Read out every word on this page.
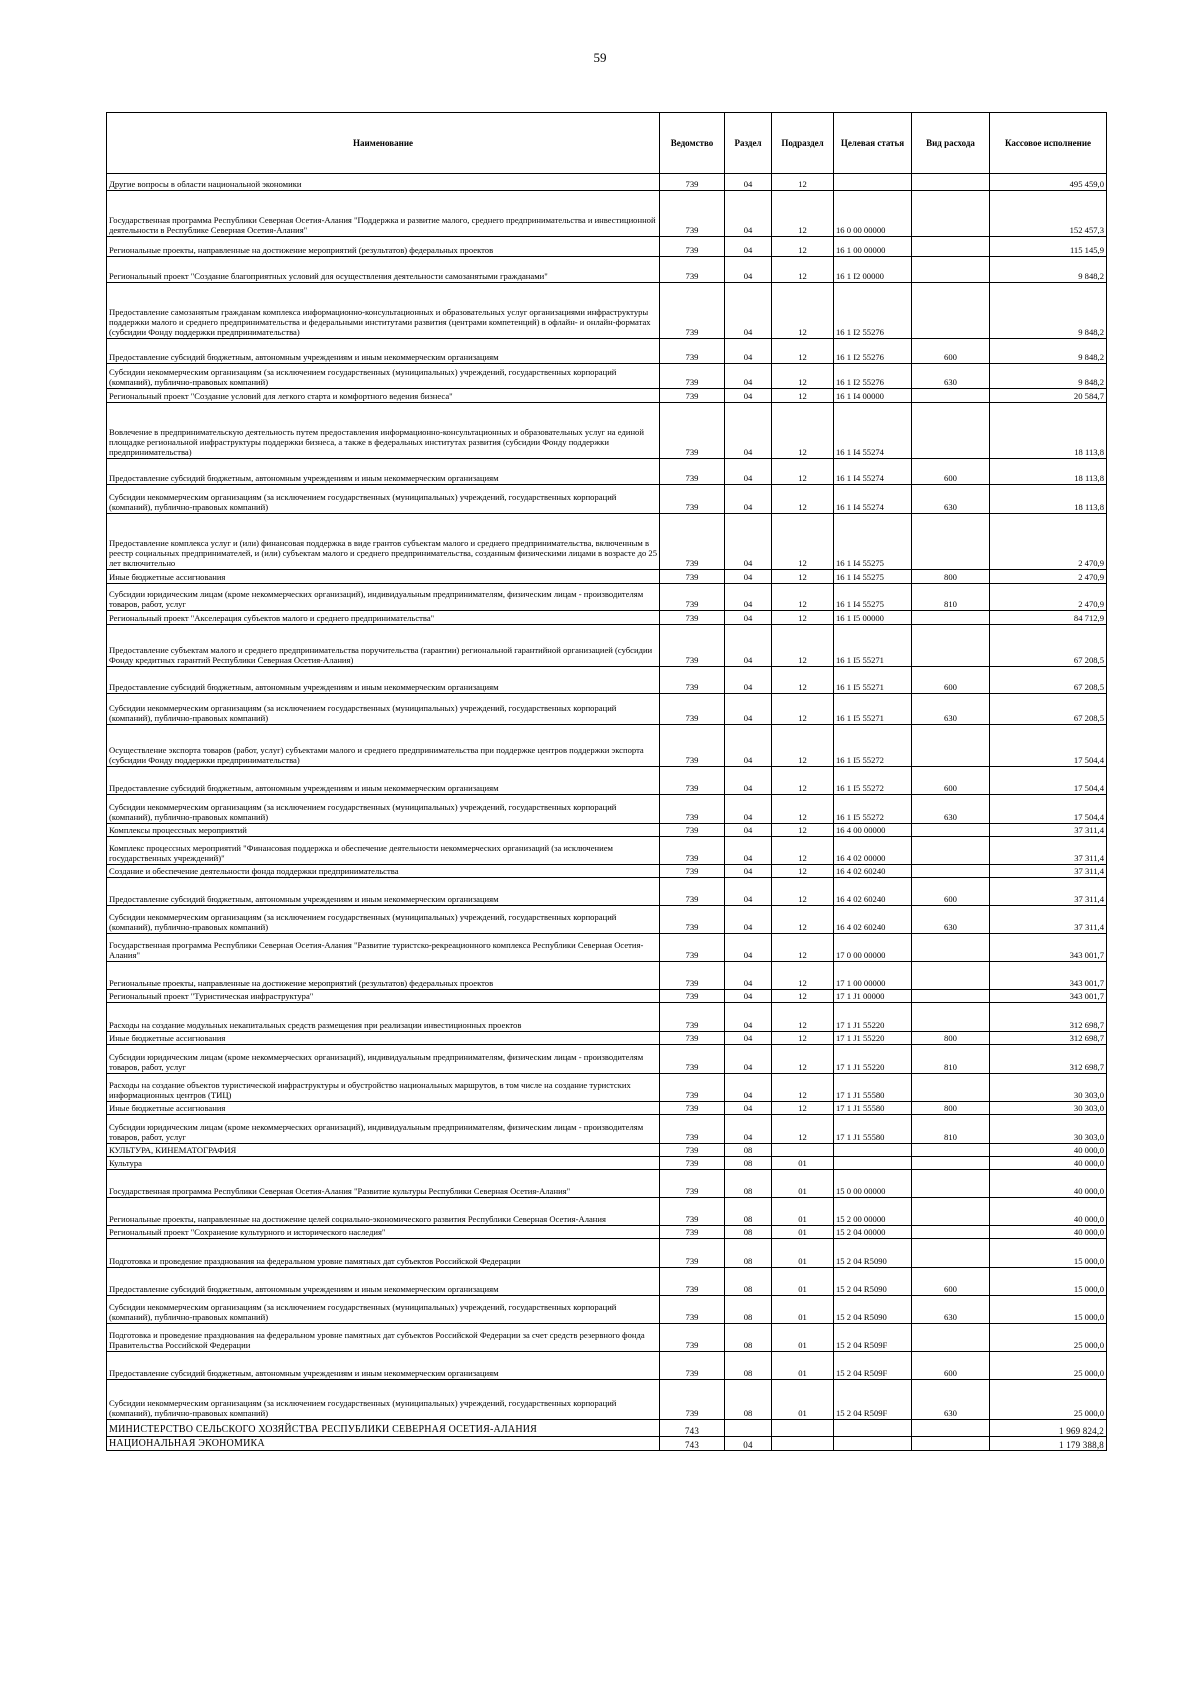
59
Наименование	Ведомство	Раздел	Подраздел	Целевая статья	Вид расхода	Кассовое исполнение
Другие вопросы в области национальной экономики	739	04	12			495 459,0
Государственная программа Республики Северная Осетия-Алания "Поддержка и развитие малого, среднего предпринимательства и инвестиционной деятельности в Республике Северная Осетия-Алания"	739	04	12	16 0 00 00000		152 457,3
Региональные проекты, направленные на достижение мероприятий (результатов) федеральных проектов	739	04	12	16 1 00 00000		115 145,9
Региональный проект "Создание благоприятных условий для осуществления деятельности самозанятыми гражданами"	739	04	12	16 1 I2 00000		9 848,2
Предоставление самозанятым гражданам комплекса информационно-консультационных и образовательных услуг организациями инфраструктуры поддержки малого и среднего предпринимательства и федеральными институтами развития (центрами компетенций) в офлайн- и онлайн-форматах (субсидии Фонду поддержки предпринимательства)	739	04	12	16 1 I2 55276		9 848,2
Предоставление субсидий бюджетным, автономным учреждениям и иным некоммерческим организациям	739	04	12	16 1 I2 55276	600	9 848,2
Субсидии некоммерческим организациям (за исключением государственных (муниципальных) учреждений, государственных корпораций (компаний), публично-правовых компаний)	739	04	12	16 1 I2 55276	630	9 848,2
Региональный проект "Создание условий для легкого старта и комфортного ведения бизнеса"	739	04	12	16 1 I4 00000		20 584,7
Вовлечение в предпринимательскую деятельность путем предоставления информационно-консультационных и образовательных услуг на единой площадке региональной инфраструктуры поддержки бизнеса, а также в федеральных институтах развития (субсидии Фонду поддержки предпринимательства)	739	04	12	16 1 I4 55274		18 113,8
Предоставление субсидий бюджетным, автономным учреждениям и иным некоммерческим организациям	739	04	12	16 1 I4 55274	600	18 113,8
Субсидии некоммерческим организациям (за исключением государственных (муниципальных) учреждений, государственных корпораций (компаний), публично-правовых компаний)	739	04	12	16 1 I4 55274	630	18 113,8
Предоставление комплекса услуг и (или) финансовая поддержка в виде грантов субъектам малого и среднего предпринимательства, включенным в реестр социальных предпринимателей, и (или) субъектам малого и среднего предпринимательства, созданным физическими лицами в возрасте до 25 лет включительно	739	04	12	16 1 I4 55275		2 470,9
Иные бюджетные ассигнования	739	04	12	16 1 I4 55275	800	2 470,9
Субсидии юридическим лицам (кроме некоммерческих организаций), индивидуальным предпринимателям, физическим лицам - производителям товаров, работ, услуг	739	04	12	16 1 I4 55275	810	2 470,9
Региональный проект "Акселерация субъектов малого и среднего предпринимательства"	739	04	12	16 1 I5 00000		84 712,9
Предоставление субъектам малого и среднего предпринимательства поручительства (гарантии) региональной гарантийной организацией (субсидии Фонду кредитных гарантий Республики Северная Осетия-Алания)	739	04	12	16 1 I5 55271		67 208,5
Предоставление субсидий бюджетным, автономным учреждениям и иным некоммерческим организациям	739	04	12	16 1 I5 55271	600	67 208,5
Субсидии некоммерческим организациям (за исключением государственных (муниципальных) учреждений, государственных корпораций (компаний), публично-правовых компаний)	739	04	12	16 1 I5 55271	630	67 208,5
Осуществление экспорта товаров (работ, услуг) субъектами малого и среднего предпринимательства при поддержке центров поддержки экспорта (субсидии Фонду поддержки предпринимательства)	739	04	12	16 1 I5 55272		17 504,4
Предоставление субсидий бюджетным, автономным учреждениям и иным некоммерческим организациям	739	04	12	16 1 I5 55272	600	17 504,4
Субсидии некоммерческим организациям (за исключением государственных (муниципальных) учреждений, государственных корпораций (компаний), публично-правовых компаний)	739	04	12	16 1 I5 55272	630	17 504,4
Комплексы процессных мероприятий	739	04	12	16 4 00 00000		37 311,4
Комплекс процессных мероприятий "Финансовая поддержка и обеспечение деятельности некоммерческих организаций (за исключением государственных учреждений)"	739	04	12	16 4 02 00000		37 311,4
Создание и обеспечение деятельности фонда поддержки предпринимательства	739	04	12	16 4 02 60240		37 311,4
Предоставление субсидий бюджетным, автономным учреждениям и иным некоммерческим организациям	739	04	12	16 4 02 60240	600	37 311,4
Субсидии некоммерческим организациям (за исключением государственных (муниципальных) учреждений, государственных корпораций (компаний), публично-правовых компаний)	739	04	12	16 4 02 60240	630	37 311,4
Государственная программа Республики Северная Осетия-Алания "Развитие туристско-рекреационного комплекса Республики Северная Осетия-Алания"	739	04	12	17 0 00 00000		343 001,7
Региональные проекты, направленные на достижение мероприятий (результатов) федеральных проектов	739	04	12	17 1 00 00000		343 001,7
Региональный проект "Туристическая инфраструктура"	739	04	12	17 1 J1 00000		343 001,7
Расходы на создание модульных некапитальных средств размещения при реализации инвестиционных проектов	739	04	12	17 1 J1 55220		312 698,7
Иные бюджетные ассигнования	739	04	12	17 1 J1 55220	800	312 698,7
Субсидии юридическим лицам (кроме некоммерческих организаций), индивидуальным предпринимателям, физическим лицам - производителям товаров, работ, услуг	739	04	12	17 1 J1 55220	810	312 698,7
Расходы на создание объектов туристической инфраструктуры и обустройство национальных маршрутов, в том числе на создание туристских информационных центров (ТИЦ)	739	04	12	17 1 J1 55580		30 303,0
Иные бюджетные ассигнования	739	04	12	17 1 J1 55580	800	30 303,0
Субсидии юридическим лицам (кроме некоммерческих организаций), индивидуальным предпринимателям, физическим лицам - производителям товаров, работ, услуг	739	04	12	17 1 J1 55580	810	30 303,0
КУЛЬТУРА, КИНЕМАТОГРАФИЯ	739	08				40 000,0
Культура	739	08	01			40 000,0
Государственная программа Республики Северная Осетия-Алания "Развитие культуры Республики Северная Осетия-Алания"	739	08	01	15 0 00 00000		40 000,0
Региональные проекты, направленные на достижение целей социально-экономического развития Республики Северная Осетия-Алания	739	08	01	15 2 00 00000		40 000,0
Региональный проект "Сохранение культурного и исторического наследия"	739	08	01	15 2 04 00000		40 000,0
Подготовка и проведение празднования на федеральном уровне памятных дат субъектов Российской Федерации	739	08	01	15 2 04 R5090		15 000,0
Предоставление субсидий бюджетным, автономным учреждениям и иным некоммерческим организациям	739	08	01	15 2 04 R5090	600	15 000,0
Субсидии некоммерческим организациям (за исключением государственных (муниципальных) учреждений, государственных корпораций (компаний), публично-правовых компаний)	739	08	01	15 2 04 R5090	630	15 000,0
Подготовка и проведение празднования на федеральном уровне памятных дат субъектов Российской Федерации за счет средств резервного фонда Правительства Российской Федерации	739	08	01	15 2 04 R509F		25 000,0
Предоставление субсидий бюджетным, автономным учреждениям и иным некоммерческим организациям	739	08	01	15 2 04 R509F	600	25 000,0
Субсидии некоммерческим организациям (за исключением государственных (муниципальных) учреждений, государственных корпораций (компаний), публично-правовых компаний)	739	08	01	15 2 04 R509F	630	25 000,0
МИНИСТЕРСТВО СЕЛЬСКОГО ХОЗЯЙСТВА РЕСПУБЛИКИ СЕВЕРНАЯ ОСЕТИЯ-АЛАНИЯ	743					1 969 824,2
НАЦИОНАЛЬНАЯ ЭКОНОМИКА	743	04				1 179 388,8
